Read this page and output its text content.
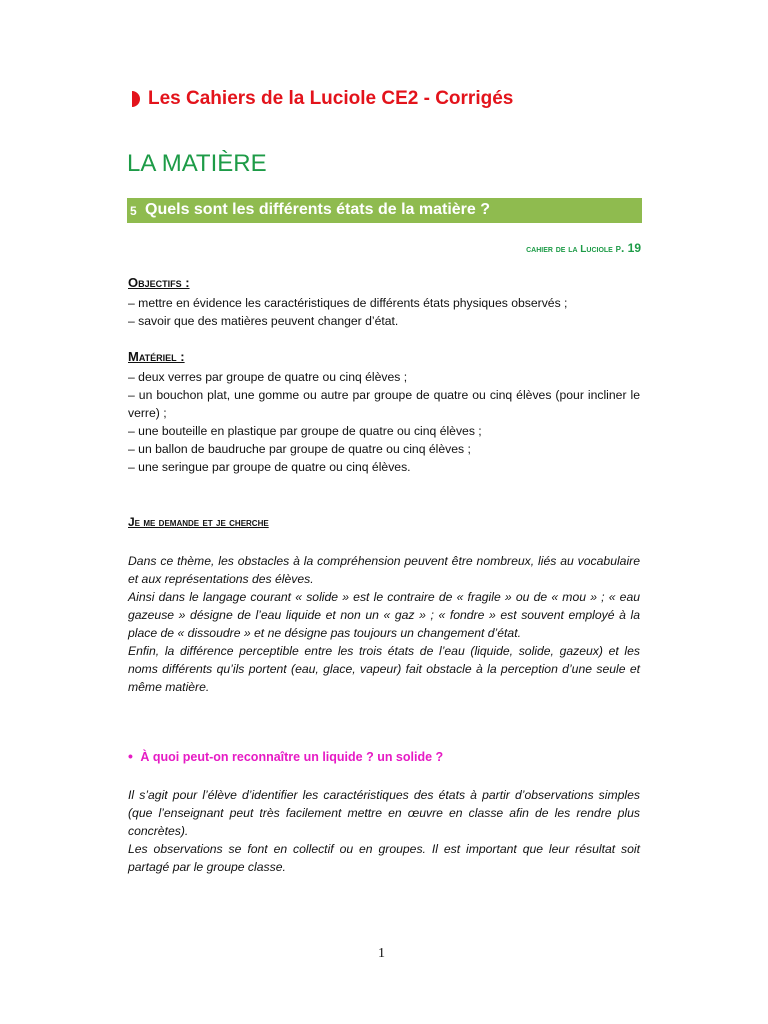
Les Cahiers de la Luciole CE2 - Corrigés
LA MATIÈRE
5 Quels sont les différents états de la matière ?
cahier de la Luciole p. 19
Objectifs :

– mettre en évidence les caractéristiques de différents états physiques observés ;

– savoir que des matières peuvent changer d’état.

Matériel :

– deux verres par groupe de quatre ou cinq élèves ;

– un bouchon plat, une gomme ou autre par groupe de quatre ou cinq élèves (pour incliner le verre) ;

– une bouteille en plastique par groupe de quatre ou cinq élèves ;

– un ballon de baudruche par groupe de quatre ou cinq élèves ;

– une seringue par groupe de quatre ou cinq élèves.

Je me demande et je cherche

Dans ce thème, les obstacles à la compréhension peuvent être nombreux, liés au vocabulaire et aux représentations des élèves.

Ainsi dans le langage courant « solide » est le contraire de « fragile » ou de « mou » ; « eau gazeuse » désigne de l’eau liquide et non un « gaz » ; « fondre » est souvent employé à la place de « dissoudre » et ne désigne pas toujours un changement d’état.

Enfin, la différence perceptible entre les trois états de l’eau (liquide, solide, gazeux) et les noms différents qu’ils portent (eau, glace, vapeur) fait obstacle à la perception d’une seule et même matière.

• À quoi peut-on reconnaître un liquide ? un solide ?

Il s’agit pour l’élève d’identifier les caractéristiques des états à partir d’observations simples (que l’enseignant peut très facilement mettre en œuvre en classe afin de les rendre plus concrètes).

Les observations se font en collectif ou en groupes. Il est important que leur résultat soit partagé par le groupe classe.

1
